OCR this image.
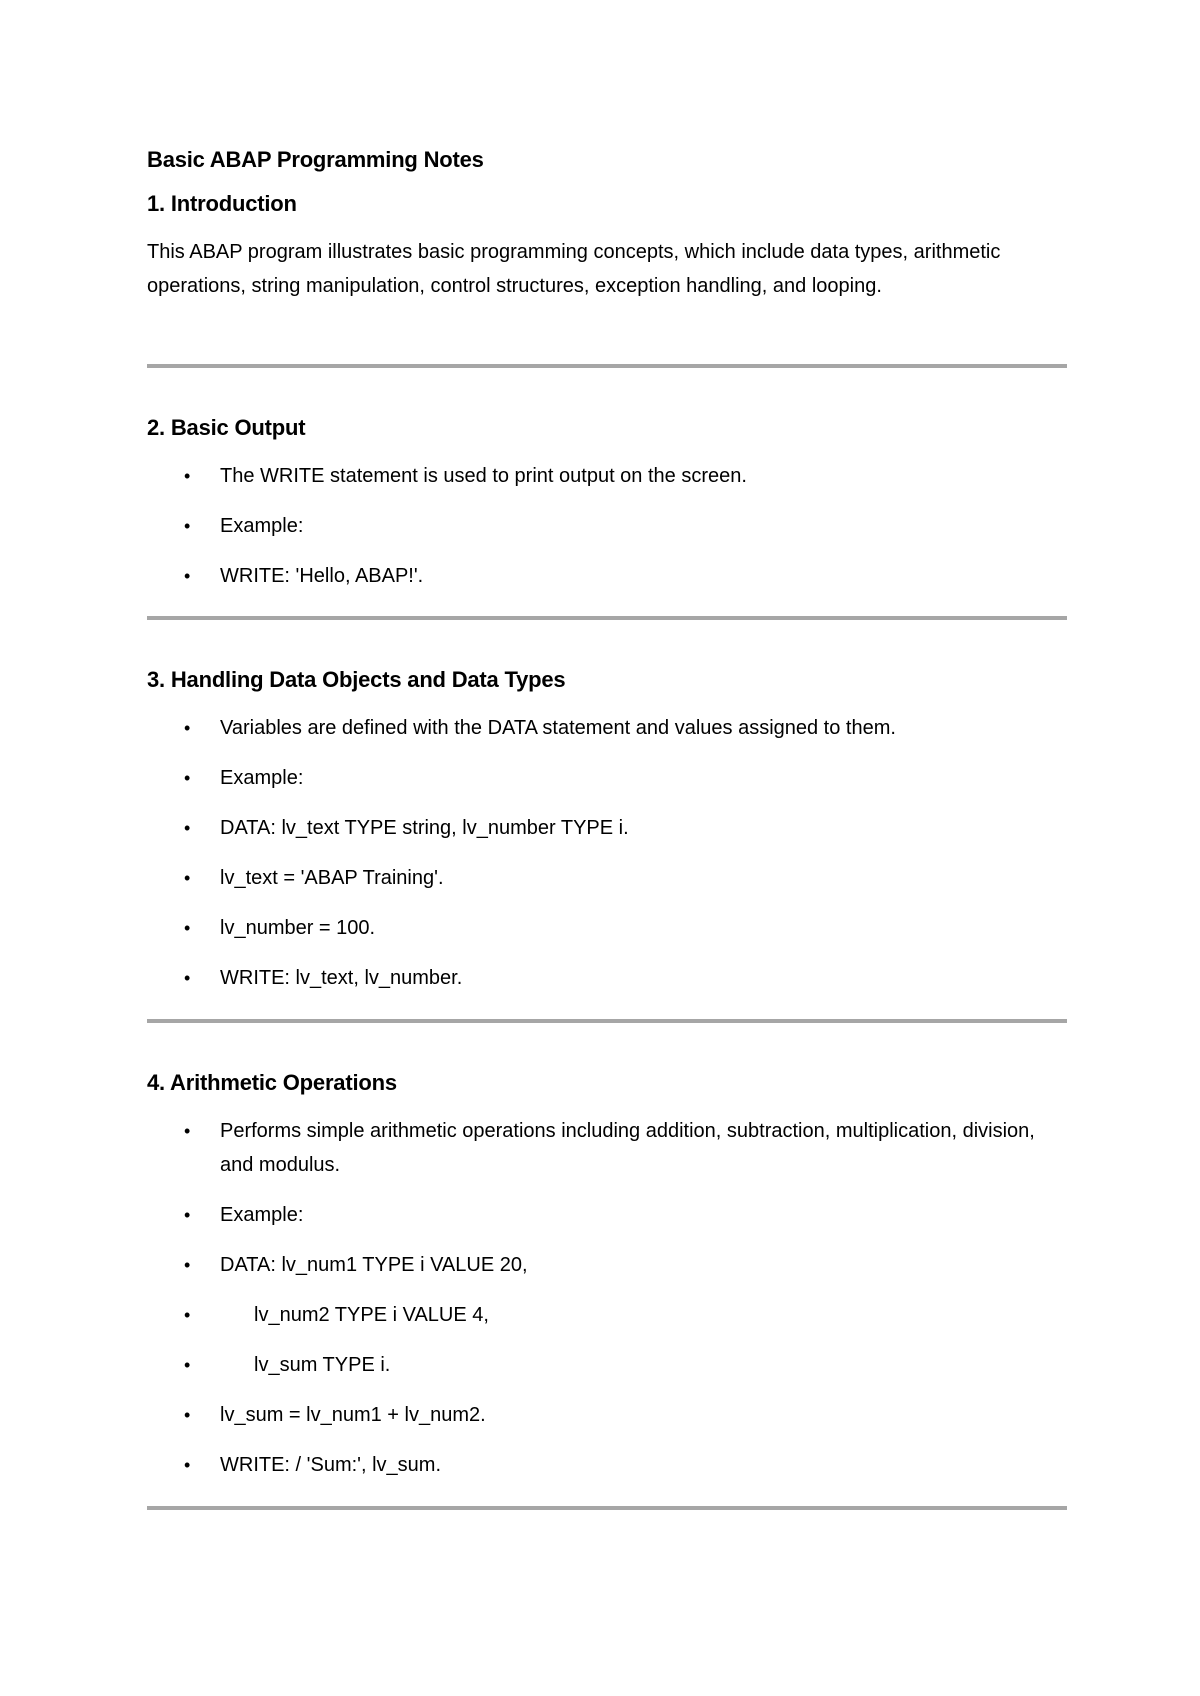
Basic ABAP Programming Notes
1. Introduction

This ABAP program illustrates basic programming concepts, which include data types, arithmetic operations, string manipulation, control structures, exception handling, and looping.

2. Basic Output
• The WRITE statement is used to print output on the screen.
• Example:
• WRITE: 'Hello, ABAP!'.
3. Handling Data Objects and Data Types
• Variables are defined with the DATA statement and values assigned to them.
• Example:
• DATA: lv_text TYPE string, lv_number TYPE i.
• lv_text = 'ABAP Training'.
• lv_number = 100.
• WRITE: lv_text, lv_number.
4. Arithmetic Operations
• Performs simple arithmetic operations including addition, subtraction, multiplication, division, and modulus.
• Example:
• DATA: lv_num1 TYPE i VALUE 20,
•	lv_num2 TYPE i VALUE 4,
•	lv_sum TYPE i.
• lv_sum = lv_num1 + lv_num2.
• WRITE: / 'Sum:', lv_sum.
